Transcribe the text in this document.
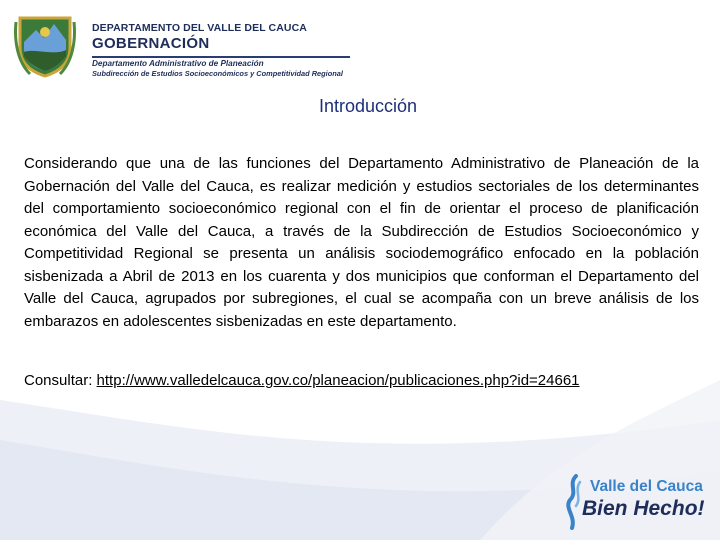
DEPARTAMENTO DEL VALLE DEL CAUCA
GOBERNACIÓN
Departamento Administrativo de Planeación
Subdirección de Estudios Socioeconómicos y Competitividad Regional
Introducción
Considerando que una de las funciones del Departamento Administrativo de Planeación de la Gobernación del Valle del Cauca, es realizar medición y estudios sectoriales de los determinantes del comportamiento socioeconómico regional con el fin de orientar el proceso de planificación económica del Valle del Cauca, a través de la Subdirección de Estudios Socioeconómico y Competitividad Regional se presenta un análisis sociodemográfico enfocado en la población sisbenizada a Abril de 2013 en los cuarenta y dos municipios que conforman el Departamento del Valle del Cauca, agrupados por subregiones, el cual se acompaña con un breve análisis de los embarazos en adolescentes sisbenizadas en este departamento.
Consultar: http://www.valledelcauca.gov.co/planeacion/publicaciones.php?id=24661
Valle del Cauca
Bien Hecho!
